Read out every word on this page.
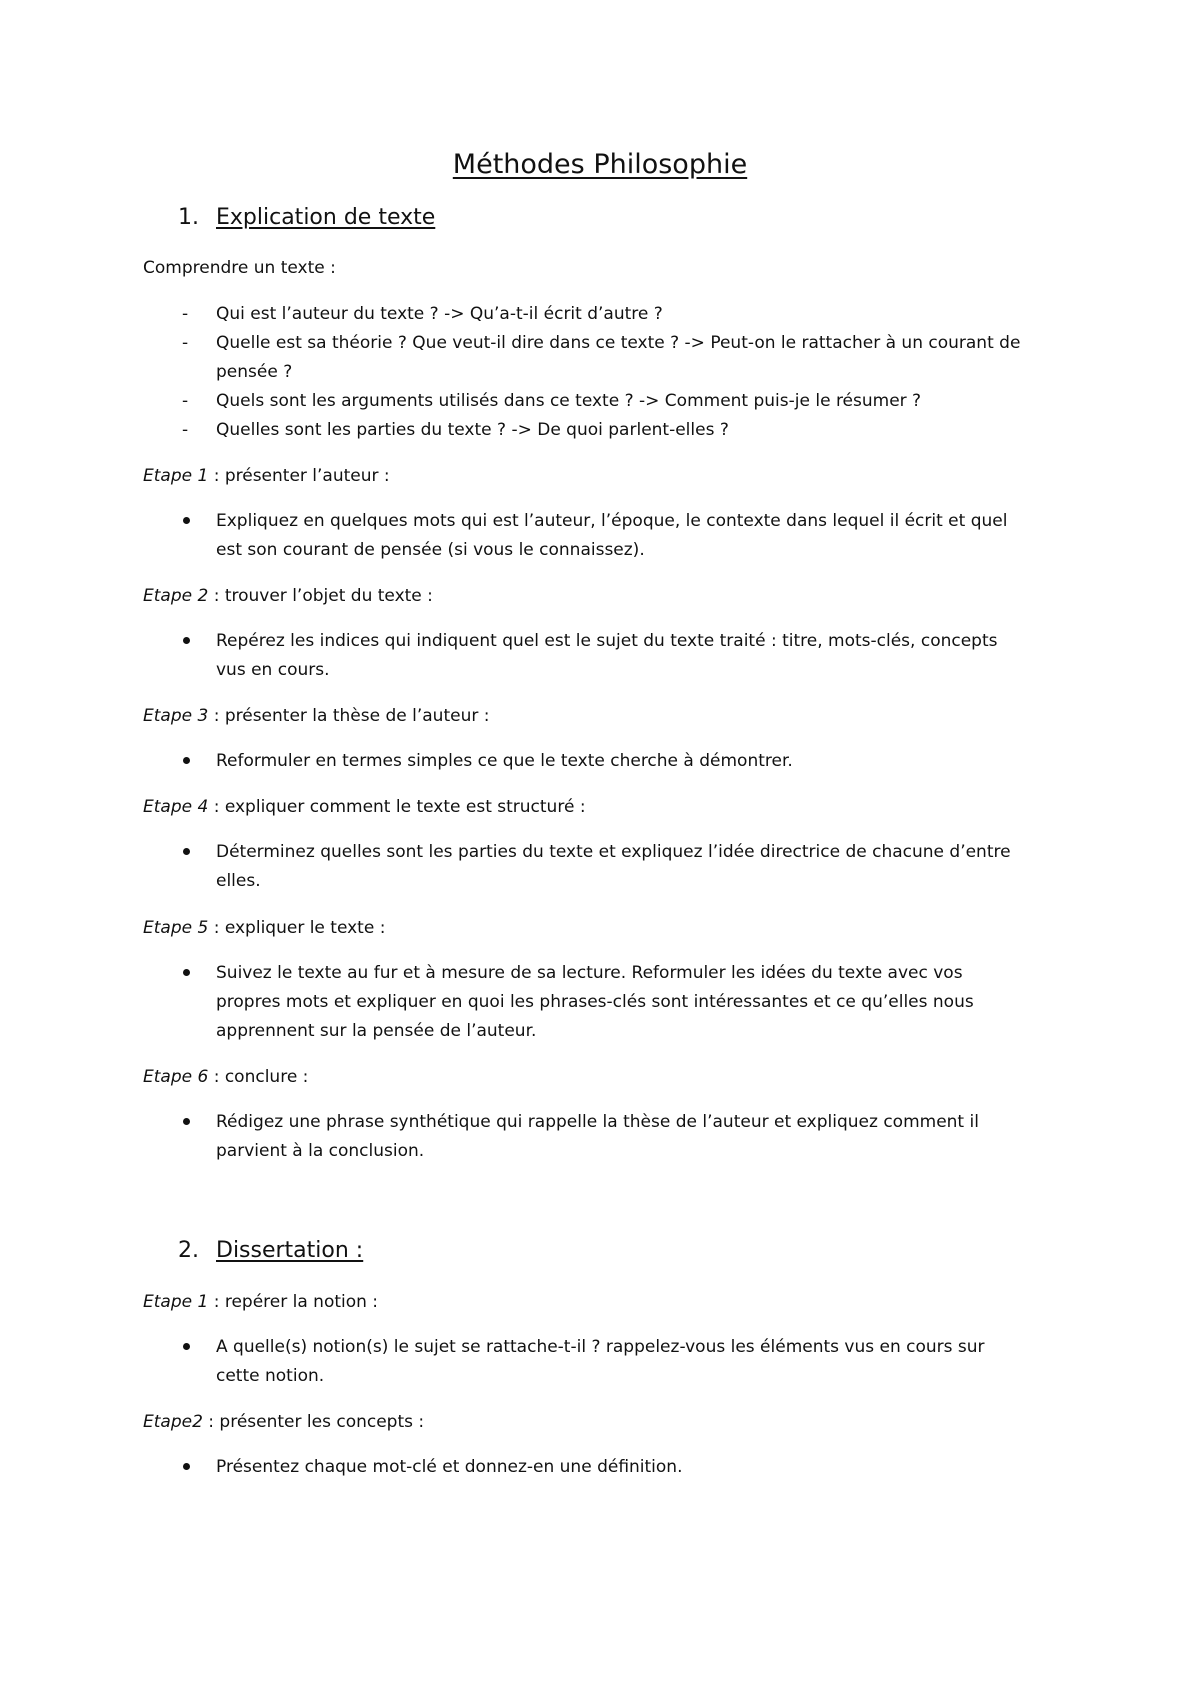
Méthodes Philosophie
1. Explication de texte

Comprendre un texte :

- Qui est l’auteur du texte ? -> Qu’a-t-il écrit d’autre ?

- Quelle est sa théorie ? Que veut-il dire dans ce texte ? -> Peut-on le rattacher à un courant de

pensée ?

- Quels sont les arguments utilisés dans ce texte ? -> Comment puis-je le résumer ?

- Quelles sont les parties du texte ? -> De quoi parlent-elles ?

Etape 1 : présenter l’auteur :

Expliquez en quelques mots qui est l’auteur, l’époque, le contexte dans lequel il écrit et quel

est son courant de pensée (si vous le connaissez).

Etape 2 : trouver l’objet du texte :

Repérez les indices qui indiquent quel est le sujet du texte traité : titre, mots-clés, concepts

vus en cours.

Etape 3 : présenter la thèse de l’auteur :

Reformuler en termes simples ce que le texte cherche à démontrer.

Etape 4 : expliquer comment le texte est structuré :

Déterminez quelles sont les parties du texte et expliquez l’idée directrice de chacune d’entre

elles.

Etape 5 : expliquer le texte :

Suivez le texte au fur et à mesure de sa lecture. Reformuler les idées du texte avec vos

propres mots et expliquer en quoi les phrases-clés sont intéressantes et ce qu’elles nous

apprennent sur la pensée de l’auteur.

Etape 6 : conclure :

Rédigez une phrase synthétique qui rappelle la thèse de l’auteur et expliquez comment il

parvient à la conclusion.

2. Dissertation :

Etape 1 : repérer la notion :

A quelle(s) notion(s) le sujet se rattache-t-il ? rappelez-vous les éléments vus en cours sur

cette notion.

Etape2 : présenter les concepts :

Présentez chaque mot-clé et donnez-en une définition.
